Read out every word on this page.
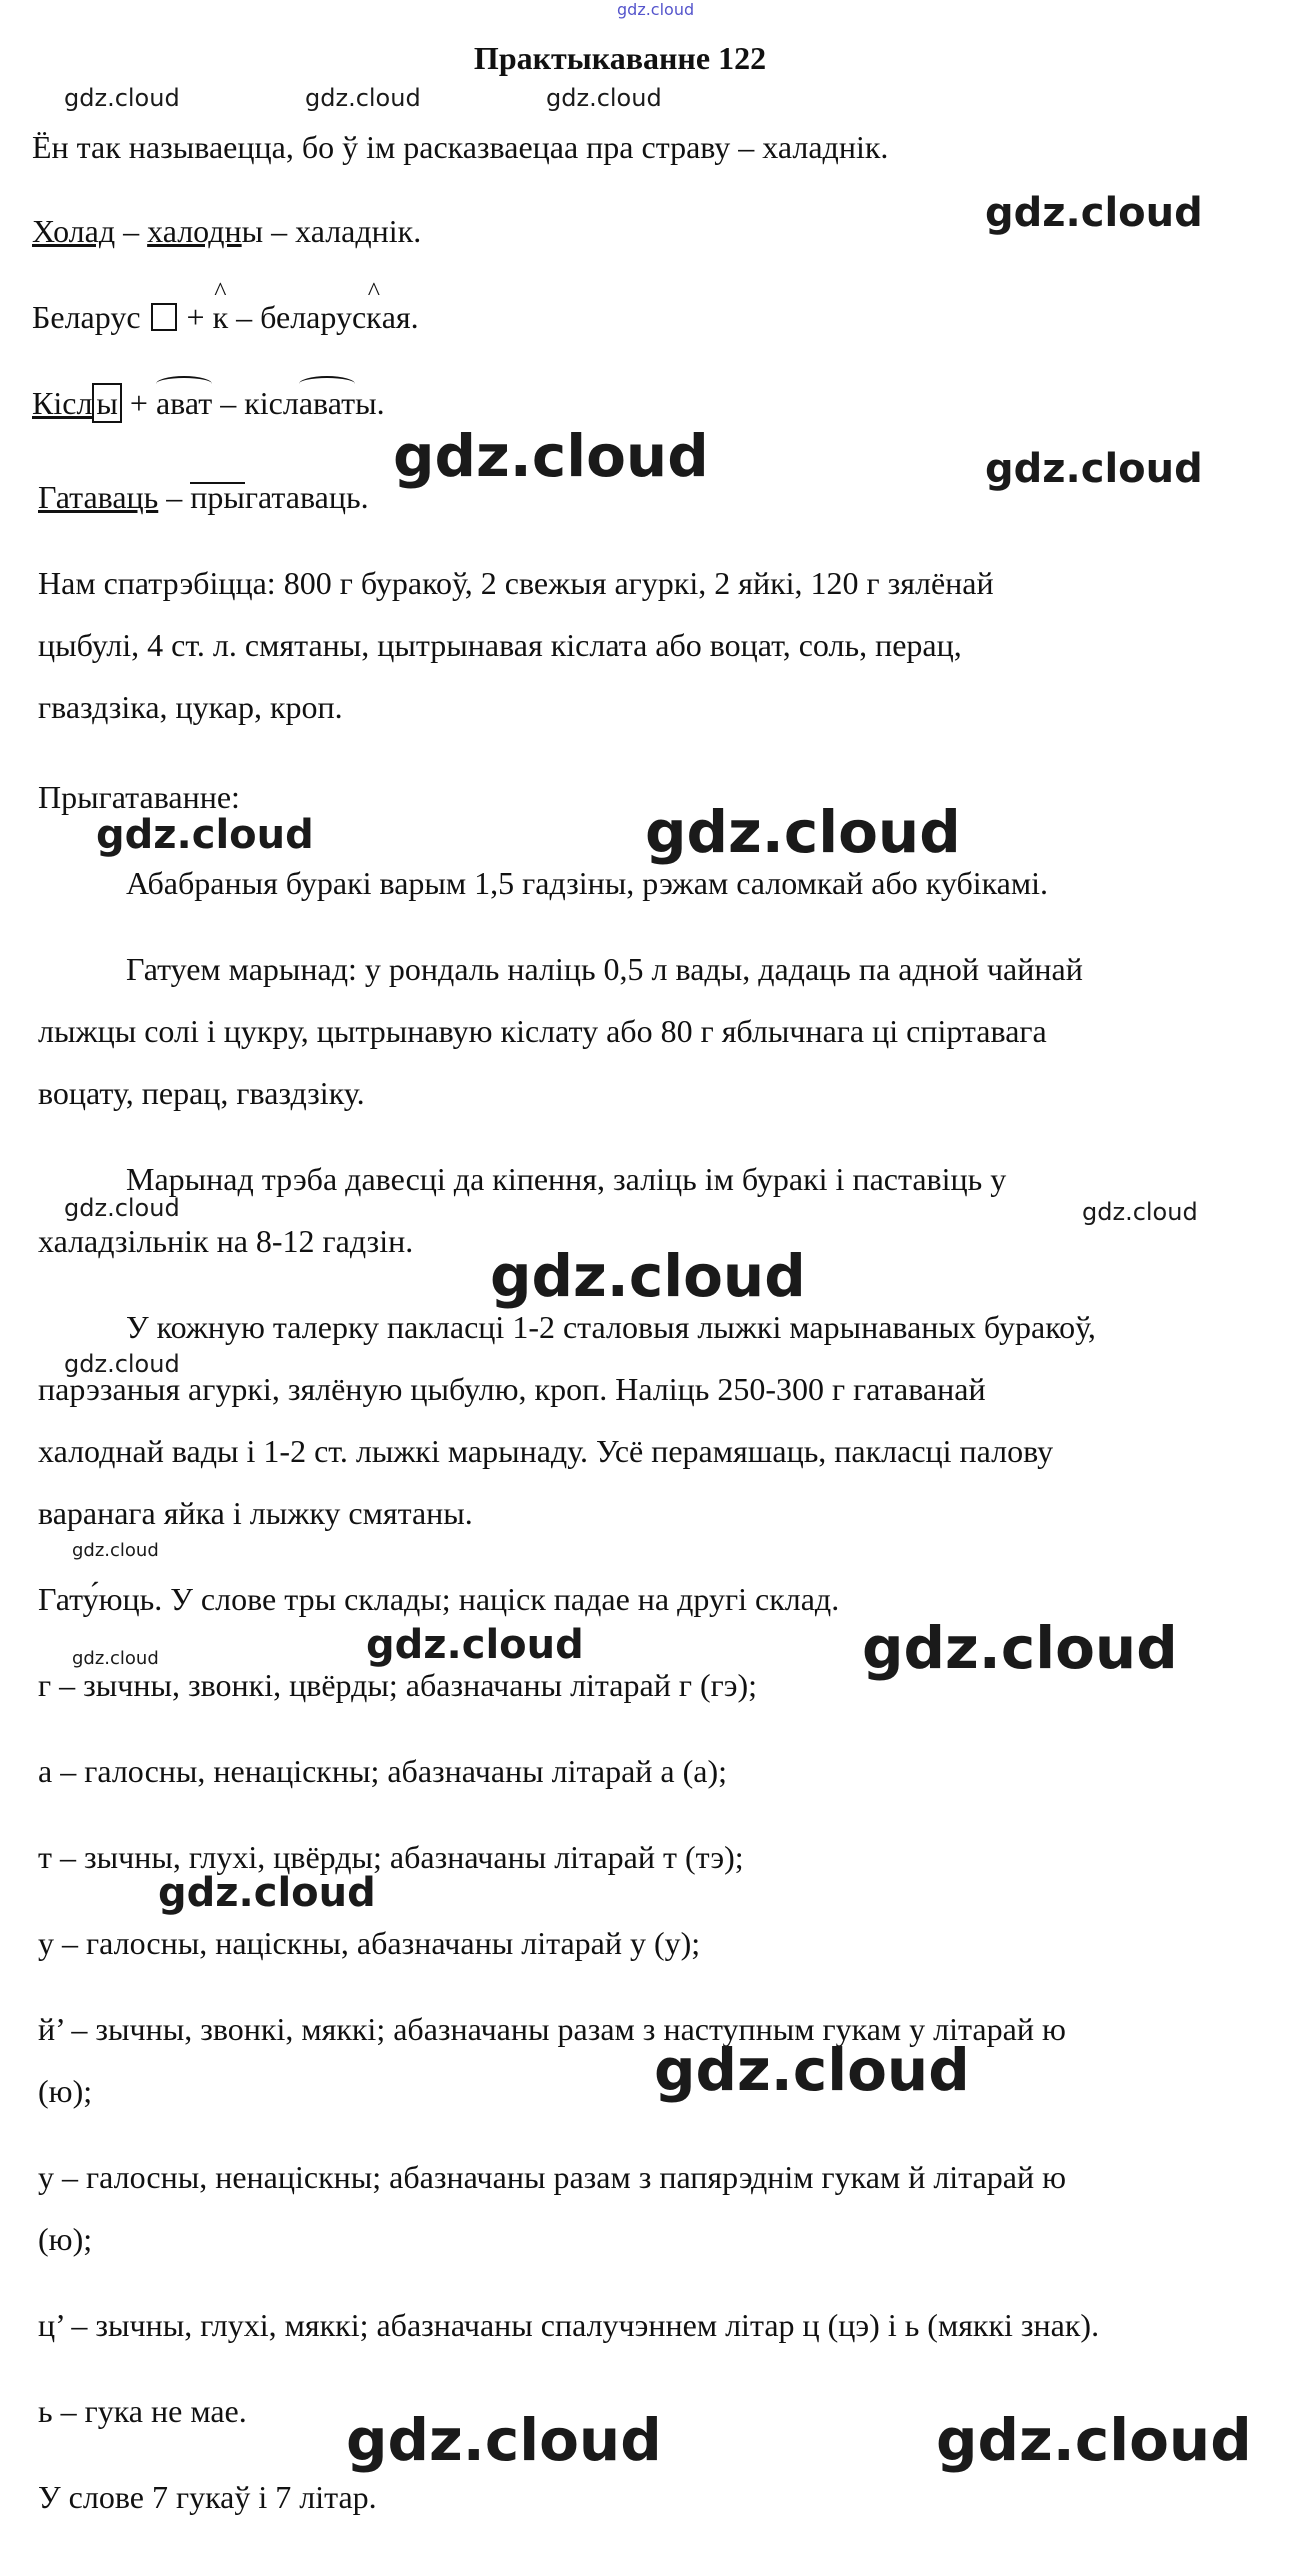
gdz.cloud
Практыкаванне 122
gdz.cloud	gdz.cloud	gdz.cloud
Ён так называецца, бо ў ім расказваецаа пра страву – халаднік.
gdz.cloud
Холад – халодны – халаднік.
Беларус  + ^ к – беларус^ кая.
Кісл ы + ават – кіславаты.
gdz.cloud	gdz.cloud
Гатаваць – прыгатаваць.
Нам спатрэбіцца: 800 г буракоў, 2 свежыя агуркі, 2 яйкі, 120 г зялёнай
цыбулі, 4 ст. л. смятаны, цытрынавая кіслата або воцат, соль, перац,
гваздзіка, цукар, кроп.
Прыгатаванне:
gdz.cloud	gdz.cloud
Абабраныя буракі варым 1,5 гадзіны, рэжам саломкай або кубікамі.
Гатуем марынад: у рондаль наліць 0,5 л вады, дадаць па адной чайнай
лыжцы солі і цукру, цытрынавую кіслату або 80 г яблычнага ці спіртавага
воцату, перац, гваздзіку.
Марынад трэба давесці да кіпення, заліць ім буракі і паставіць у
gdz.cloud	gdz.cloud
халадзільнік на 8-12 гадзін.
gdz.cloud
У кожную талерку пакласці 1-2 сталовыя лыжкі марынаваных буракоў,
gdz.cloud
парэзаныя агуркі, зялёную цыбулю, кроп. Наліць 250-300 г гатаванай
халоднай вады і 1-2 ст. лыжкі марынаду. Усё перамяшаць, пакласці палову
варанага яйка і лыжку смятаны.
gdz.cloud
Гату́юць. У слове тры склады; націск падае на другі склад.
gdz.cloud	gdz.cloud	gdz.cloud
г – зычны, звонкі, цвёрды; абазначаны літарай г (гэ);
а – галосны, ненаціскны; абазначаны літарай а (а);
т – зычны, глухі, цвёрды; абазначаны літарай т (тэ);
gdz.cloud
у – галосны, націскны, абазначаны літарай у (у);
й’ – зычны, звонкі, мяккі; абазначаны разам з наступным гукам у літарай ю
gdz.cloud
(ю);
у – галосны, ненаціскны; абазначаны разам з папярэднім гукам й літарай ю
(ю);
ц’ – зычны, глухі, мяккі; абазначаны спалучэннем літар ц (цэ) і ь (мяккі знак).
ь – гука не мае. gdz.cloud	gdz.cloud
У слове 7 гукаў і 7 літар.
